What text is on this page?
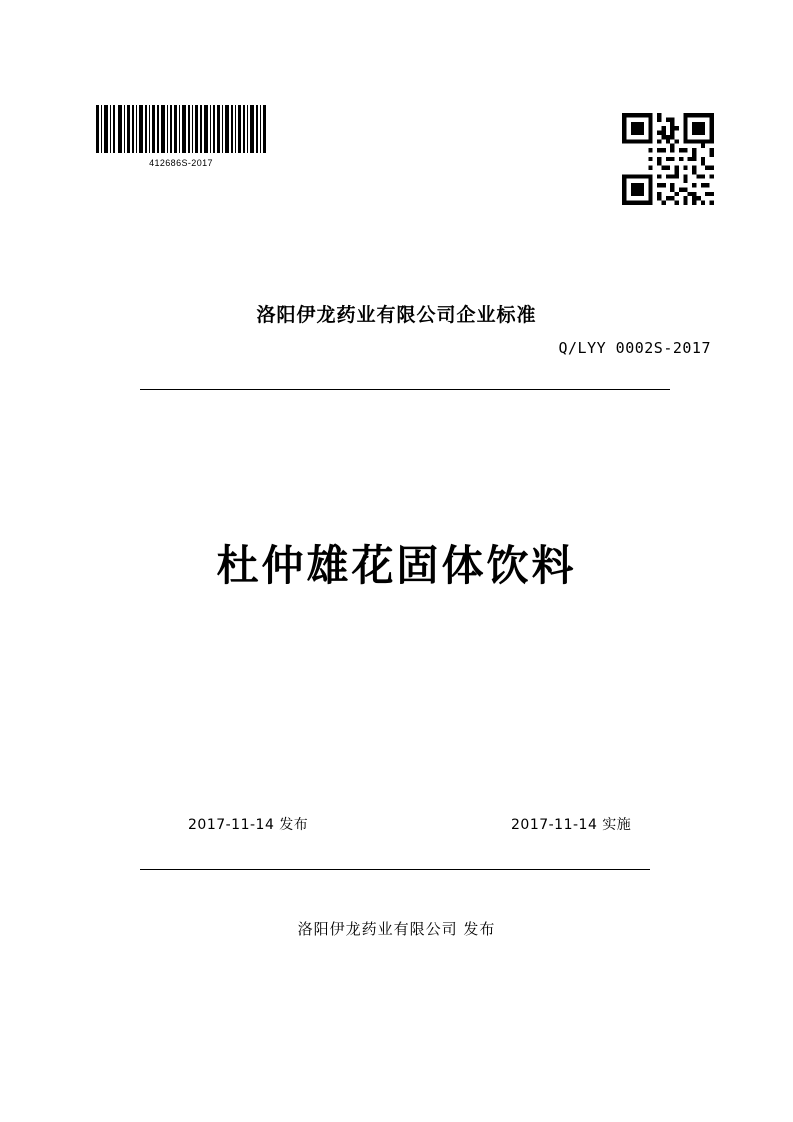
412686S-2017
洛阳伊龙药业有限公司企业标准
Q/LYY 0002S-2017
杜仲雄花固体饮料
2017-11-14 发布	2017-11-14 实施
洛阳伊龙药业有限公司 发布
